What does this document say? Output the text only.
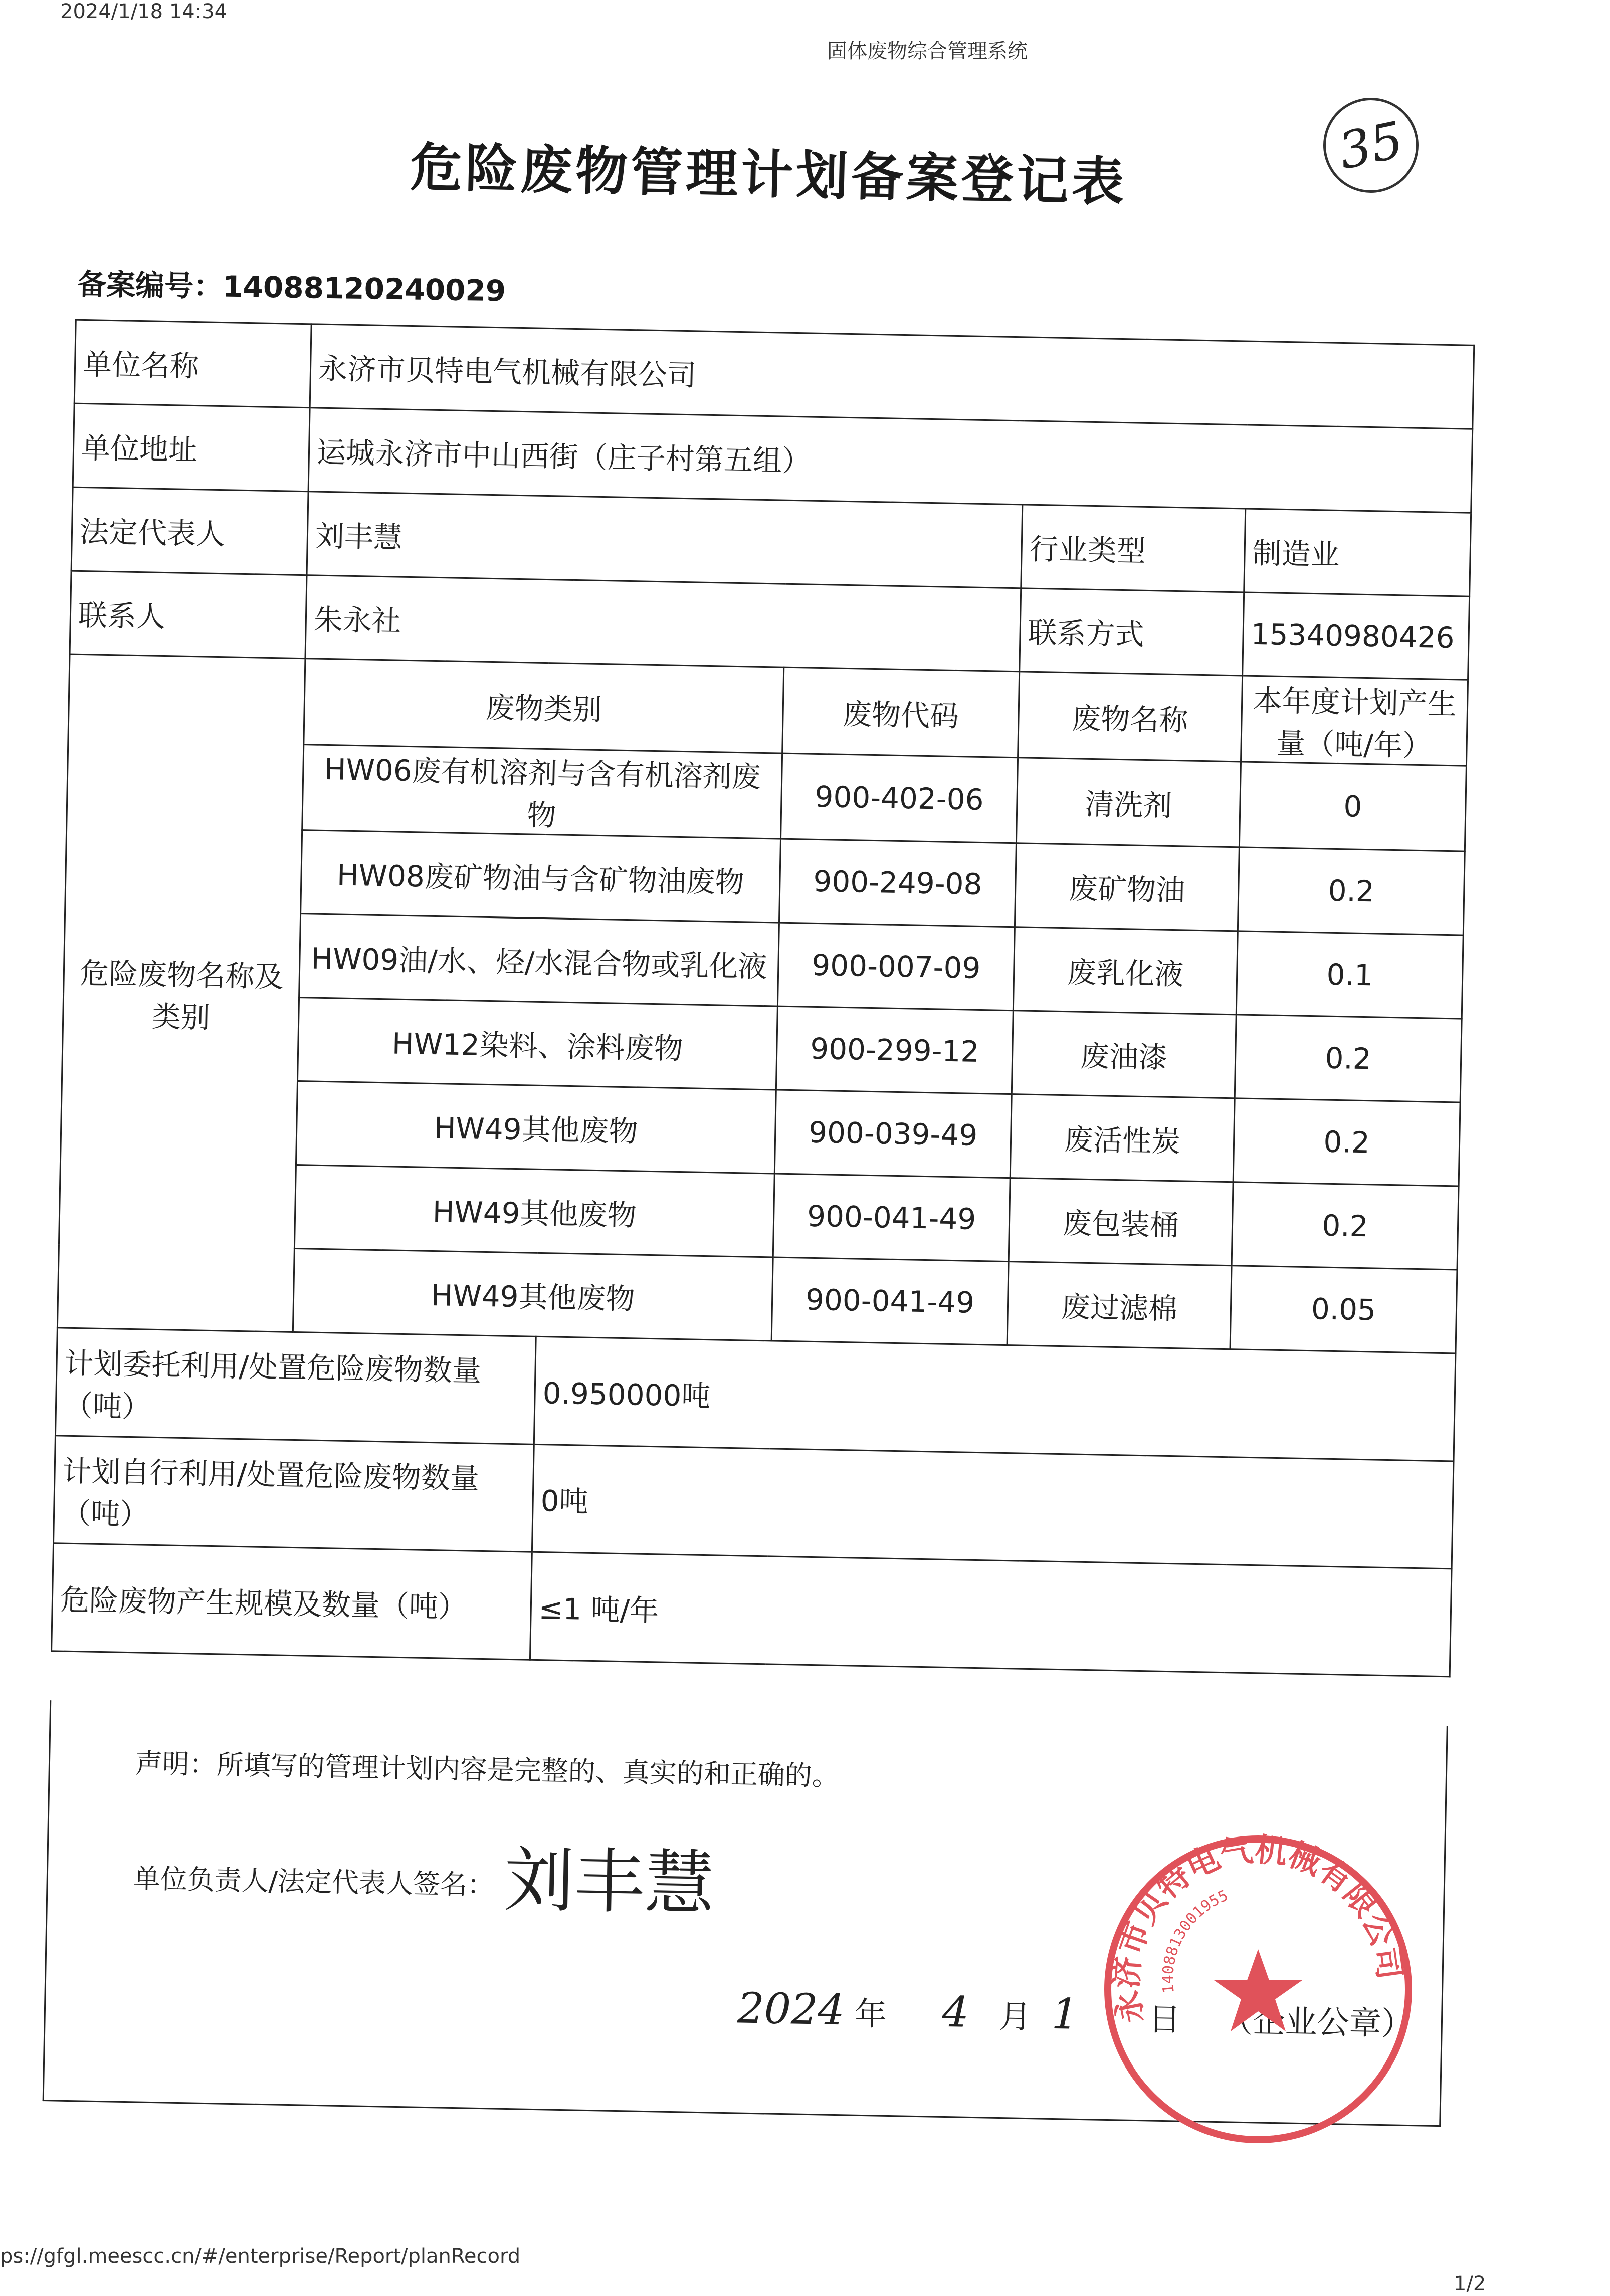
2024/1/18 14:34
固体废物综合管理系统
35
危险废物管理计划备案登记表
备案编号：14088120240029
单位名称	永济市贝特电气机械有限公司				
单位地址	运城永济市中山西街（庄子村第五组）				
法定代表人	刘丰慧			行业类型	制造业
联系人	朱永社			联系方式	15340980426
危险废物名称及类别	废物类别		废物代码	废物名称	本年度计划产生量（吨/年）
	HW06废有机溶剂与含有机溶剂废物		900-402-06	清洗剂	0
	HW08废矿物油与含矿物油废物		900-249-08	废矿物油	0.2
	HW09油/水、烃/水混合物或乳化液		900-007-09	废乳化液	0.1
	HW12染料、涂料废物		900-299-12	废油漆	0.2
	HW49其他废物		900-039-49	废活性炭	0.2
	HW49其他废物		900-041-49	废包装桶	0.2
	HW49其他废物		900-041-49	废过滤棉	0.05
计划委托利用/处置危险废物数量（吨）		0.950000吨			
计划自行利用/处置危险废物数量（吨）		0吨			
危险废物产生规模及数量（吨）		≤1 吨/年			
声明：所填写的管理计划内容是完整的、真实的和正确的。
单位负责人/法定代表人签名： 刘丰慧
2024 年 4 月 1 日 （企业公章）
永济市贝特电气机械有限公司
1408813001955
ps://gfgl.meescc.cn/#/enterprise/Report/planRecord
1/2
